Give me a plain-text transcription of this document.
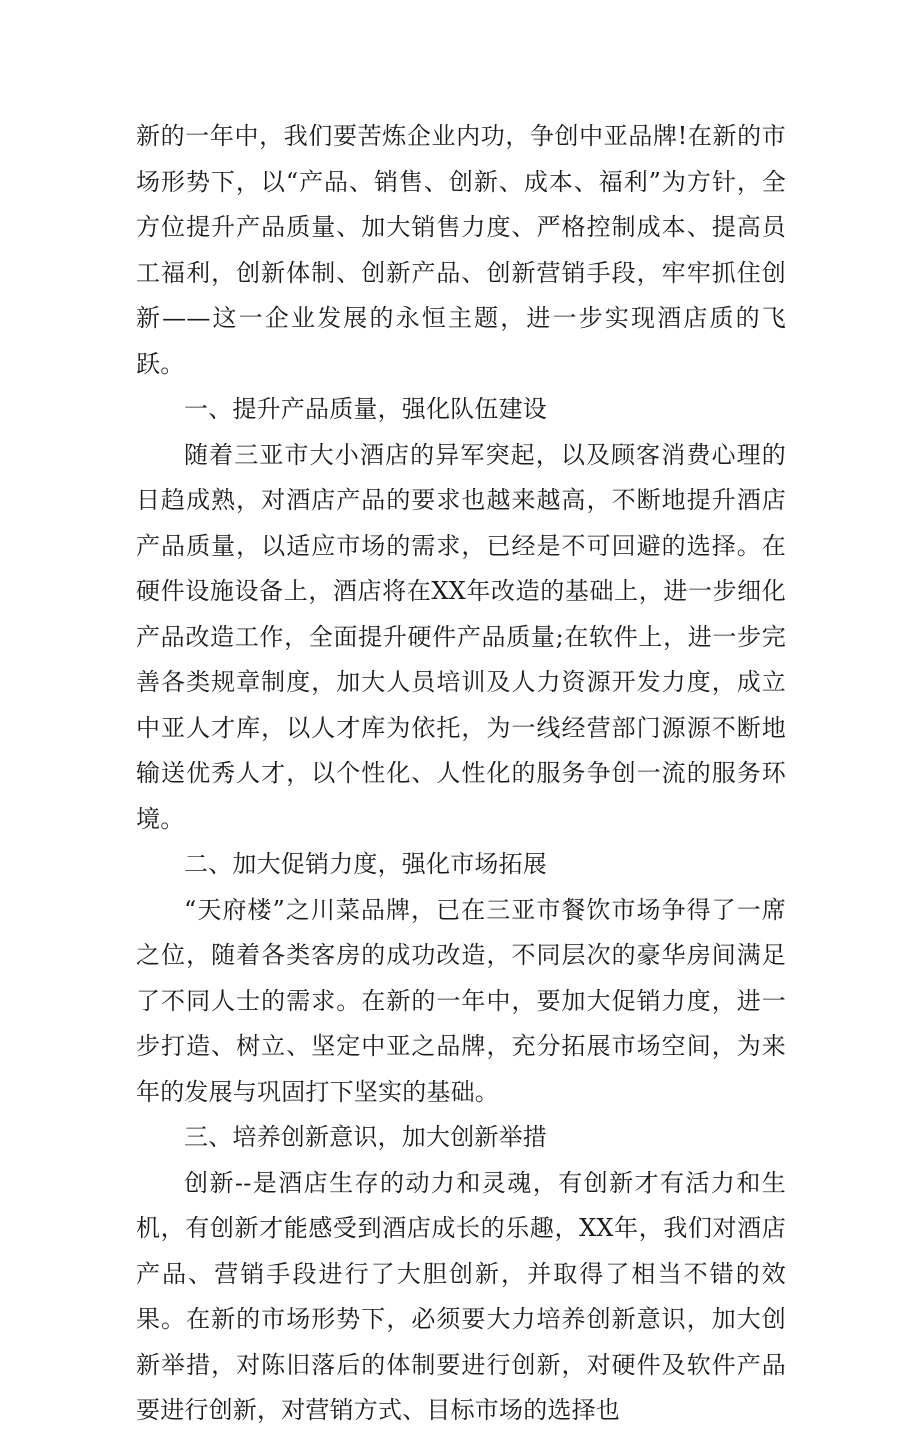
新的一年中，我们要苦炼企业内功，争创中亚品牌!在新的市场形势下，以“产品、销售、创新、成本、福利”为方针，全方位提升产品质量、加大销售力度、严格控制成本、提高员工福利，创新体制、创新产品、创新营销手段，牢牢抓住创新——这一企业发展的永恒主题，进一步实现酒店质的飞跃。

一、提升产品质量，强化队伍建设

随着三亚市大小酒店的异军突起，以及顾客消费心理的日趋成熟，对酒店产品的要求也越来越高，不断地提升酒店产品质量，以适应市场的需求，已经是不可回避的选择。在硬件设施设备上，酒店将在XX年改造的基础上，进一步细化产品改造工作，全面提升硬件产品质量;在软件上，进一步完善各类规章制度，加大人员培训及人力资源开发力度，成立中亚人才库，以人才库为依托，为一线经营部门源源不断地输送优秀人才，以个性化、人性化的服务争创一流的服务环境。

二、加大促销力度，强化市场拓展

“天府楼”之川菜品牌，已在三亚市餐饮市场争得了一席之位，随着各类客房的成功改造，不同层次的豪华房间满足了不同人士的需求。在新的一年中，要加大促销力度，进一步打造、树立、坚定中亚之品牌，充分拓展市场空间，为来年的发展与巩固打下坚实的基础。

三、培养创新意识，加大创新举措

创新--是酒店生存的动力和灵魂，有创新才有活力和生机，有创新才能感受到酒店成长的乐趣，XX年，我们对酒店产品、营销手段进行了大胆创新，并取得了相当不错的效果。在新的市场形势下，必须要大力培养创新意识，加大创新举措，对陈旧落后的体制要进行创新，对硬件及软件产品要进行创新，对营销方式、目标市场的选择也
